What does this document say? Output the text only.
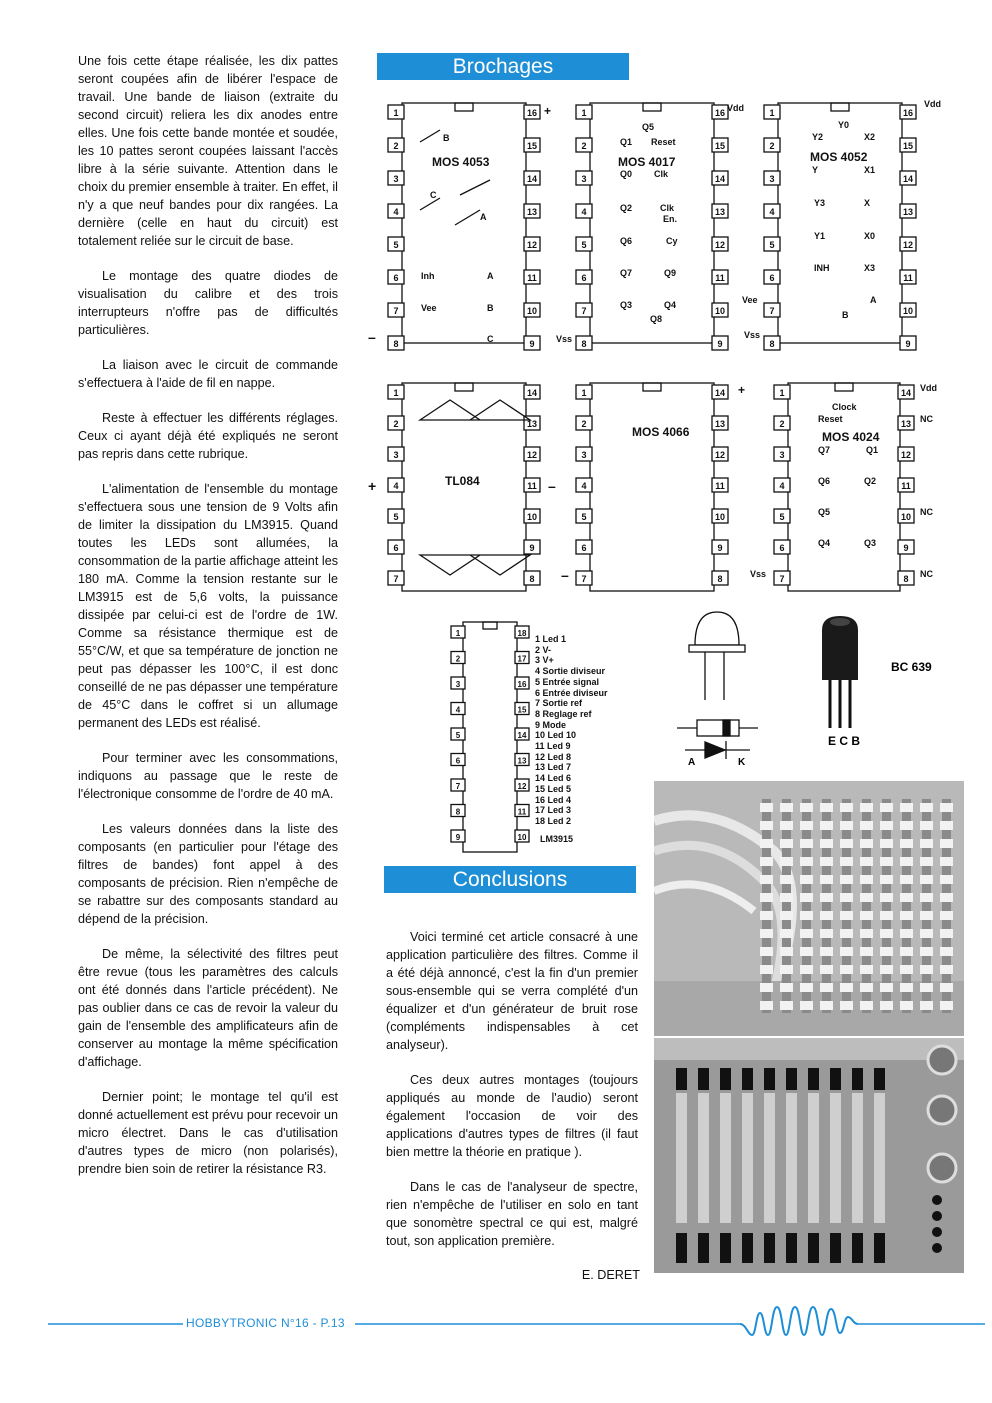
Une fois cette étape réalisée, les dix pattes seront coupées afin de libérer l'espace de travail. Une bande de liaison (extraite du second circuit) reliera les dix anodes entre elles. Une fois cette bande montée et soudée, les 10 pattes seront coupées laissant l'accès libre à la série suivante. Attention dans le choix du premier ensemble à traiter. En effet, il n'y a que neuf bandes pour dix rangées. La dernière (celle en haut du circuit) est totalement reliée sur le circuit de base.

Le montage des quatre diodes de visualisation du calibre et des trois interrupteurs n'offre pas de difficultés particulières.

La liaison avec le circuit de commande s'effectuera à l'aide de fil en nappe.

Reste à effectuer les différents réglages. Ceux ci ayant déjà été expliqués ne seront pas repris dans cette rubrique.

L'alimentation de l'ensemble du montage s'effectuera sous une tension de 9 Volts afin de limiter la dissipation du LM3915. Quand toutes les LEDs sont allumées, la consommation de la partie affichage atteint les 180 mA. Comme la tension restante sur le LM3915 est de 5,6 volts, la puissance dissipée par celui-ci est de l'ordre de 1W. Comme sa résistance thermique est de 55°C/W, et que sa température de jonction ne peut pas dépasser les 100°C, il est donc conseillé de ne pas dépasser une température de 45°C dans le coffret si un allumage permanent des LEDs est réalisé.

Pour terminer avec les consommations, indiquons au passage que le reste de l'électronique consomme de l'ordre de 40 mA.

Les valeurs données dans la liste des composants (en particulier pour l'étage des filtres de bandes) font appel à des composants de précision. Rien n'empêche de se rabattre sur des composants standard au dépend de la précision.

De même, la sélectivité des filtres peut être revue (tous les paramètres des calculs ont été donnés dans l'article précédent). Ne pas oublier dans ce cas de revoir la valeur du gain de l'ensemble des amplificateurs afin de conserver au montage la même spécification d'affichage.

Dernier point; le montage tel qu'il est donné actuellement est prévu pour recevoir un micro électret. Dans le cas d'utilisation d'autres types de micro (non polarisés), prendre bien soin de retirer la résistance R3.

Brochages
Conclusions
1	16
2	15
3	14
4	13
5	12
6	11
7	10
8	9
MOS 4053
B
C
A
Inh
Vee
A
B
C
+
–
1	16
2	15
3	14
4	13
5	12
6	11
7	10
8	9
MOS 4017
Q5
Q1 Reset
Q0 Clk
Q2	Clk
En.
Q6	Cy
Q7	Q9
Q3	Q4
Q8
Vdd
Vss
1	16
2	15
3	14
4	13
5	12
6	11
7	10
8	9
MOS 4052
Y0
Y2	X2
Y	X1
Y3	X
Y1	X0
INH	X3
A
B
Vdd
Vee
Vss
1	14
2	13
3	12
4	11
5	10
6	9
7	8
TL084
+	–
1	14
2	13
3	12
4	11
5	10
6	9
7	8
MOS 4066
+
–
1	14
2	13
3	12
4	11
5	10
6	9
7	8
MOS 4024
Clock
Reset
Q7	Q1
Q6	Q2
Q5
Q4	Q3
Vdd
NC
NC
NC
Vss
1	18
2	17
3	16
4	15
5	14
6	13
7	12
8	11
9	10 LM3915
1 Led 1
2 V-
3 V+
4 Sortie diviseur
5 Entrée signal
6 Entrée diviseur
7 Sortie ref
8 Reglage ref
9 Mode
10 Led 10
11 Led 9
12 Led 8
13 Led 7
14 Led 6
15 Led 5
16 Led 4
17 Led 3
18 Led 2
A	K
BC 639
E C B

Voici terminé cet article consacré à une application particulière des filtres. Comme il a été déjà annoncé, c'est la fin d'un premier sous-ensemble qui se verra complété d'un équalizer et d'un générateur de bruit rose (compléments indispensables à cet analyseur).

Ces deux autres montages (toujours appliqués au monde de l'audio) seront également l'occasion de voir des applications d'autres types de filtres (il faut bien mettre la théorie en pratique ).

Dans le cas de l'analyseur de spectre, rien n'empêche de l'utiliser en solo en tant que sonomètre spectral ce qui est, malgré tout, son application première.

E. DERET
HOBBYTRONIC N°16 - P.13
